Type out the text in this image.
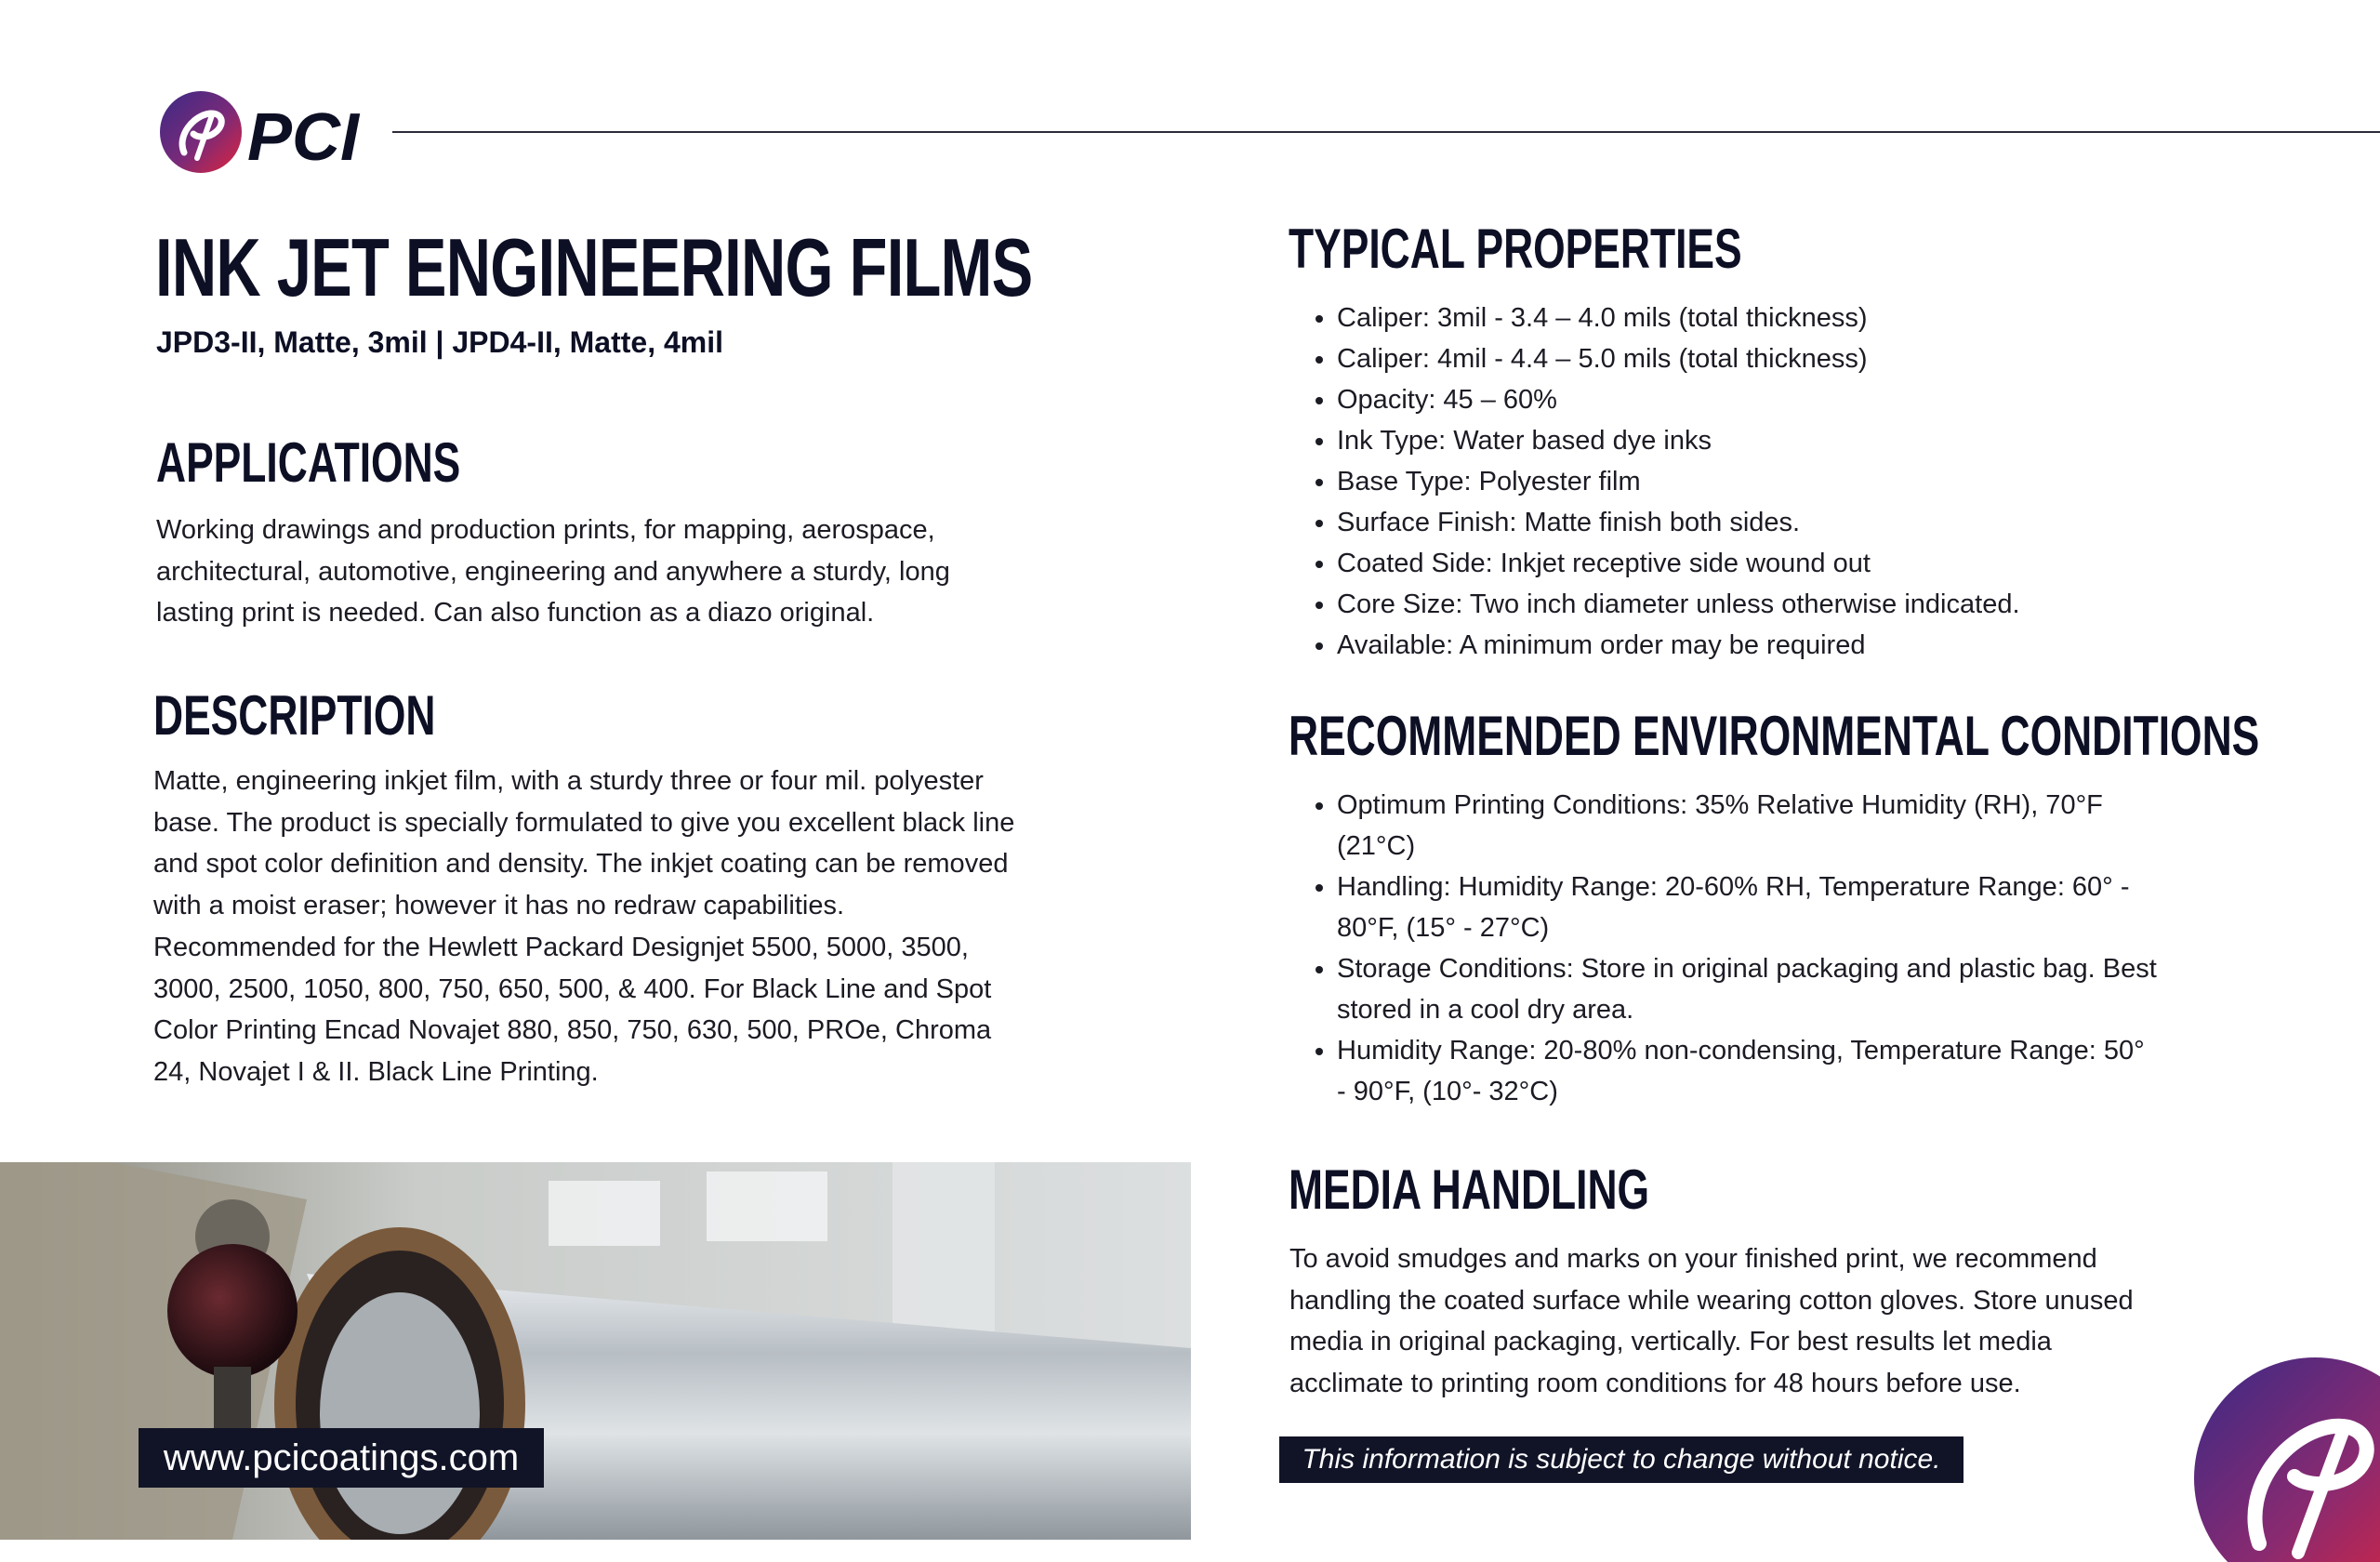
PCI
INK JET ENGINEERING FILMS
JPD3-II, Matte, 3mil | JPD4-II, Matte, 4mil
APPLICATIONS

Working drawings and production prints, for mapping, aerospace,

architectural, automotive, engineering and anywhere a sturdy, long

lasting print is needed. Can also function as a diazo original.

DESCRIPTION

Matte, engineering inkjet film, with a sturdy three or four mil. polyester

base. The product is specially formulated to give you excellent black line

and spot color definition and density. The inkjet coating can be removed

with a moist eraser; however it has no redraw capabilities.

Recommended for the Hewlett Packard Designjet 5500, 5000, 3500,

3000, 2500, 1050, 800, 750, 650, 500, & 400. For Black Line and Spot

Color Printing Encad Novajet 880, 850, 750, 630, 500, PROe, Chroma

24, Novajet I & II. Black Line Printing.

TYPICAL PROPERTIES
• Caliper: 3mil - 3.4 – 4.0 mils (total thickness)
• Caliper: 4mil - 4.4 – 5.0 mils (total thickness)
• Opacity: 45 – 60%
• Ink Type: Water based dye inks
• Base Type: Polyester film
• Surface Finish: Matte finish both sides.
• Coated Side: Inkjet receptive side wound out
• Core Size: Two inch diameter unless otherwise indicated.
• Available: A minimum order may be required
RECOMMENDED ENVIRONMENTAL CONDITIONS
• Optimum Printing Conditions: 35% Relative Humidity (RH), 70°F
(21°C)
• Handling: Humidity Range: 20-60% RH, Temperature Range: 60° -
80°F, (15° - 27°C)
• Storage Conditions: Store in original packaging and plastic bag. Best
stored in a cool dry area.
• Humidity Range: 20-80% non-condensing, Temperature Range: 50°
- 90°F, (10°- 32°C)
MEDIA HANDLING

To avoid smudges and marks on your finished print, we recommend

handling the coated surface while wearing cotton gloves. Store unused

media in original packaging, vertically. For best results let media

acclimate to printing room conditions for 48 hours before use.

www.pcicoatings.com	This information is subject to change without notice.
